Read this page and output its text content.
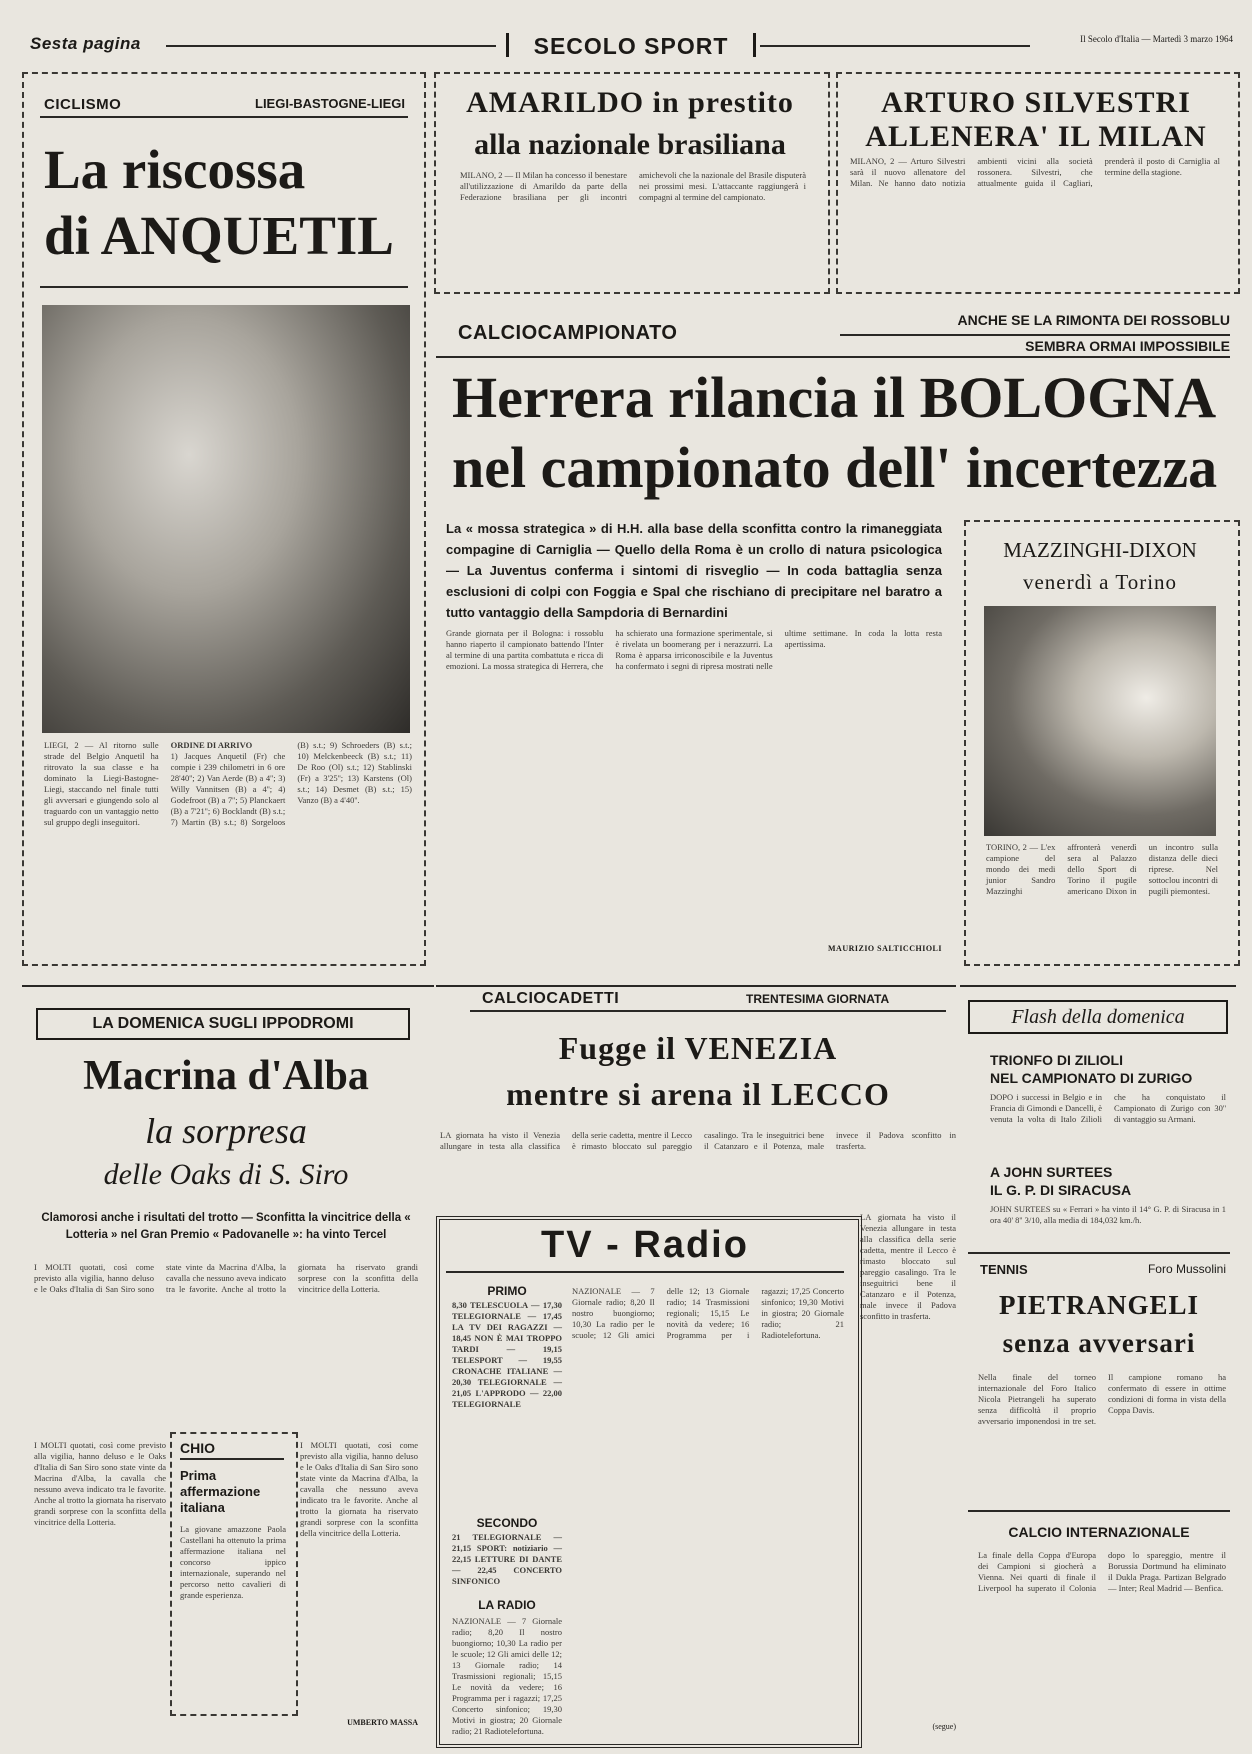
Sesta pagina	SECOLO SPORT	Il Secolo d'Italia — Martedì 3 marzo 1964
CICLISMO	LIEGI-BASTOGNE-LIEGI
La riscossa
di ANQUETIL
LIEGI, 2 — Al ritorno sulle strade del Belgio Anquetil ha ritrovato la sua classe e ha dominato la Liegi-Bastogne-Liegi, staccando nel finale tutti gli avversari e giungendo solo al traguardo con un vantaggio netto sul gruppo degli inseguitori.
ORDINE DI ARRIVO
1) Jacques Anquetil (Fr) che compie i 239 chilometri in 6 ore 28'40''; 2) Van Aerde (B) a 4''; 3) Willy Vannitsen (B) a 4''; 4) Godefroot (B) a 7''; 5) Planckaert (B) a 7'21''; 6) Bocklandt (B) s.t.; 7) Martin (B) s.t.; 8) Sorgeloos (B) s.t.; 9) Schroeders (B) s.t.; 10) Melckenbeeck (B) s.t.; 11) De Roo (Ol) s.t.; 12) Stablinski (Fr) a 3'25''; 13) Karstens (Ol) s.t.; 14) Desmet (B) s.t.; 15) Vanzo (B) a 4'40''.
AMARILDO in prestito
alla nazionale brasiliana
MILANO, 2 — Il Milan ha concesso il benestare all'utilizzazione di Amarildo da parte della Federazione brasiliana per gli incontri amichevoli che la nazionale del Brasile disputerà nei prossimi mesi. L'attaccante raggiungerà i compagni al termine del campionato.
ARTURO SILVESTRI
ALLENERA' IL MILAN
MILANO, 2 — Arturo Silvestri sarà il nuovo allenatore del Milan. Ne hanno dato notizia ambienti vicini alla società rossonera. Silvestri, che attualmente guida il Cagliari, prenderà il posto di Carniglia al termine della stagione.
ANCHE SE LA RIMONTA DEI ROSSOBLU
SEMBRA ORMAI IMPOSSIBILE
CALCIOCAMPIONATO
Herrera rilancia il BOLOGNA
nel campionato dell' incertezza
La « mossa strategica » di H.H. alla base della sconfitta contro la rimaneggiata compagine di Carniglia — Quello della Roma è un crollo di natura psicologica — La Juventus conferma i sintomi di risveglio — In coda battaglia senza esclusioni di colpi con Foggia e Spal che rischiano di precipitare nel baratro a tutto vantaggio della Sampdoria di Bernardini
Grande giornata per il Bologna: i rossoblu hanno riaperto il campionato battendo l'Inter al termine di una partita combattuta e ricca di emozioni. La mossa strategica di Herrera, che ha schierato una formazione sperimentale, si è rivelata un boomerang per i nerazzurri. La Roma è apparsa irriconoscibile e la Juventus ha confermato i segni di ripresa mostrati nelle ultime settimane. In coda la lotta resta apertissima.
MAURIZIO SALTICCHIOLI
MAZZINGHI-DIXON
venerdì a Torino
TORINO, 2 — L'ex campione del mondo dei medi junior Sandro Mazzinghi affronterà venerdì sera al Palazzo dello Sport di Torino il pugile americano Dixon in un incontro sulla distanza delle dieci riprese. Nel sottoclou incontri di pugili piemontesi.
LA DOMENICA SUGLI IPPODROMI
Macrina d'Alba
la sorpresa
delle Oaks di S. Siro
Clamorosi anche i risultati del trotto — Sconfitta la vincitrice della « Lotteria » nel Gran Premio « Padovanelle »: ha vinto Tercel
I MOLTI quotati, così come previsto alla vigilia, hanno deluso e le Oaks d'Italia di San Siro sono state vinte da Macrina d'Alba, la cavalla che nessuno aveva indicato tra le favorite. Anche al trotto la giornata ha riservato grandi sorprese con la sconfitta della vincitrice della Lotteria.
I MOLTI quotati, così come previsto alla vigilia, hanno deluso e le Oaks d'Italia di San Siro sono state vinte da Macrina d'Alba, la cavalla che nessuno aveva indicato tra le favorite. Anche al trotto la giornata ha riservato grandi sorprese con la sconfitta della vincitrice della Lotteria.
I MOLTI quotati, così come previsto alla vigilia, hanno deluso e le Oaks d'Italia di San Siro sono state vinte da Macrina d'Alba, la cavalla che nessuno aveva indicato tra le favorite. Anche al trotto la giornata ha riservato grandi sorprese con la sconfitta della vincitrice della Lotteria.
UMBERTO MASSA
CHIO
Prima
affermazione
italiana
La giovane amazzone Paola Castellani ha ottenuto la prima affermazione italiana nel concorso ippico internazionale, superando nel percorso netto cavalieri di grande esperienza.
CALCIOCADETTI	TRENTESIMA GIORNATA
Fugge il VENEZIA
mentre si arena il LECCO
LA giornata ha visto il Venezia allungare in testa alla classifica della serie cadetta, mentre il Lecco è rimasto bloccato sul pareggio casalingo. Tra le inseguitrici bene il Catanzaro e il Potenza, male invece il Padova sconfitto in trasferta.
LA giornata ha visto il Venezia allungare in testa alla classifica della serie cadetta, mentre il Lecco è rimasto bloccato sul pareggio casalingo. Tra le inseguitrici bene il Catanzaro e il Potenza, male invece il Padova sconfitto in trasferta.
(segue)
TV - Radio
PRIMO
8,30 TELESCUOLA — 17,30 TELEGIORNALE — 17,45 LA TV DEI RAGAZZI — 18,45 NON È MAI TROPPO TARDI — 19,15 TELESPORT — 19,55 CRONACHE ITALIANE — 20,30 TELEGIORNALE — 21,05 L'APPRODO — 22,00 TELEGIORNALE
SECONDO
21 TELEGIORNALE — 21,15 SPORT: notiziario — 22,15 LETTURE DI DANTE — 22,45 CONCERTO SINFONICO
LA RADIO
NAZIONALE — 7 Giornale radio; 8,20 Il nostro buongiorno; 10,30 La radio per le scuole; 12 Gli amici delle 12; 13 Giornale radio; 14 Trasmissioni regionali; 15,15 Le novità da vedere; 16 Programma per i ragazzi; 17,25 Concerto sinfonico; 19,30 Motivi in giostra; 20 Giornale radio; 21 Radiotelefortuna.
NAZIONALE — 7 Giornale radio; 8,20 Il nostro buongiorno; 10,30 La radio per le scuole; 12 Gli amici delle 12; 13 Giornale radio; 14 Trasmissioni regionali; 15,15 Le novità da vedere; 16 Programma per i ragazzi; 17,25 Concerto sinfonico; 19,30 Motivi in giostra; 20 Giornale radio; 21 Radiotelefortuna.
Flash della domenica
TRIONFO DI ZILIOLI
NEL CAMPIONATO DI ZURIGO
DOPO i successi in Belgio e in Francia di Gimondi e Dancelli, è venuta la volta di Italo Zilioli che ha conquistato il Campionato di Zurigo con 30'' di vantaggio su Armani.
A JOHN SURTEES
IL G. P. DI SIRACUSA
JOHN SURTEES su « Ferrari » ha vinto il 14° G. P. di Siracusa in 1 ora 40' 8'' 3/10, alla media di 184,032 km./h.
TENNIS	Foro Mussolini
PIETRANGELI
senza avversari
Nella finale del torneo internazionale del Foro Italico Nicola Pietrangeli ha superato senza difficoltà il proprio avversario imponendosi in tre set. Il campione romano ha confermato di essere in ottime condizioni di forma in vista della Coppa Davis.
CALCIO INTERNAZIONALE
La finale della Coppa d'Europa dei Campioni si giocherà a Vienna. Nei quarti di finale il Liverpool ha superato il Colonia dopo lo spareggio, mentre il Borussia Dortmund ha eliminato il Dukla Praga. Partizan Belgrado — Inter; Real Madrid — Benfica.
